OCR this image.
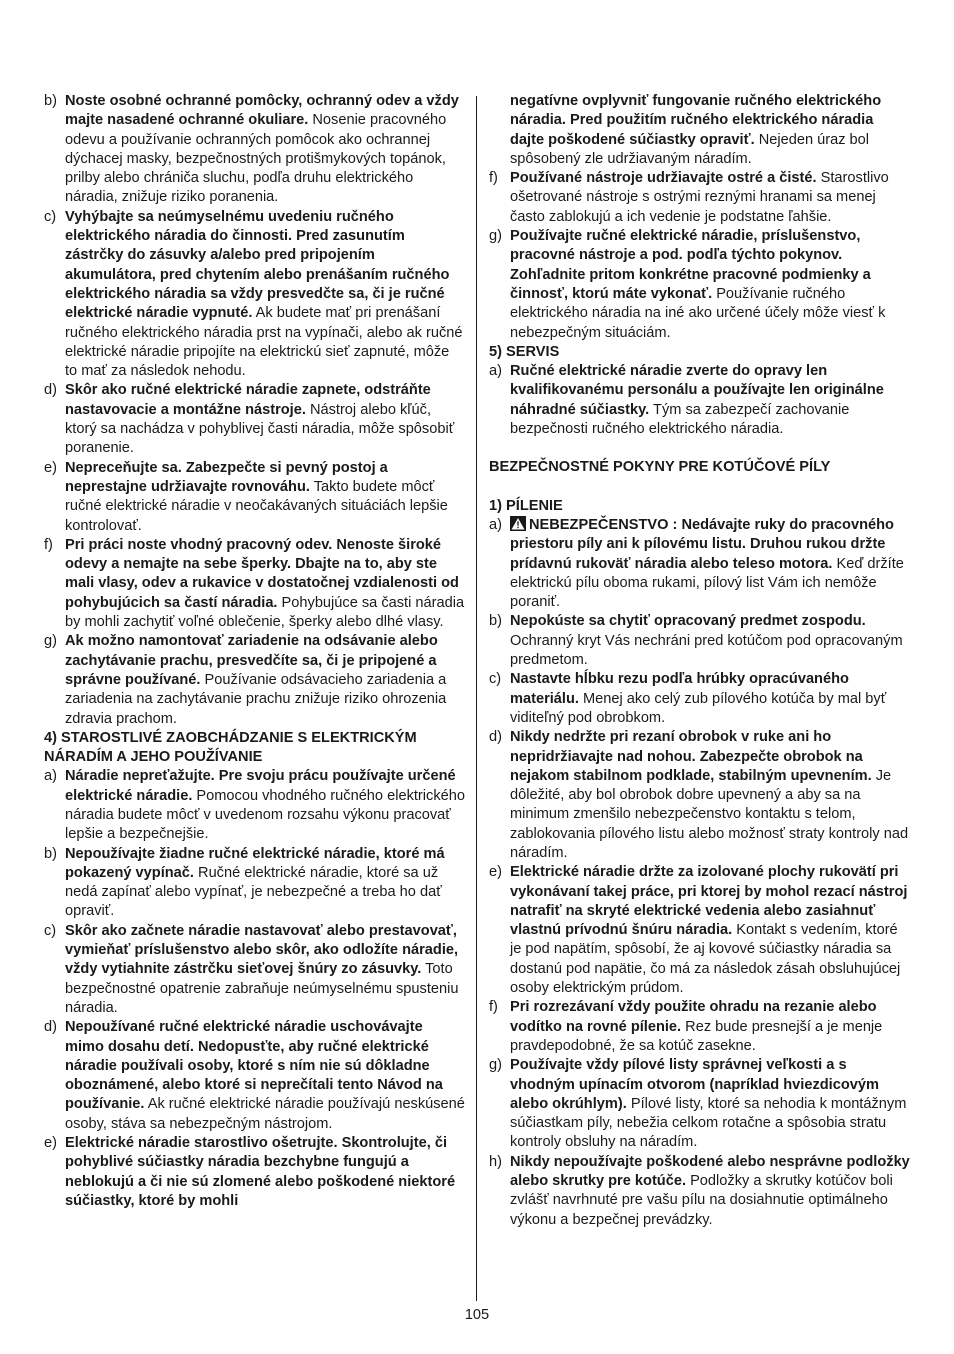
b) Noste osobné ochranné pomôcky, ochranný odev a vždy majte nasadené ochranné okuliare. Nosenie pracovného odevu a používanie ochranných pomôcok ako ochrannej dýchacej masky, bezpečnostných protišmykových topánok, prilby alebo chrániča sluchu, podľa druhu elektrického náradia, znižuje riziko poranenia.
c) Vyhýbajte sa neúmyselnému uvedeniu ručného elektrického náradia do činnosti. Pred zasunutím zástrčky do zásuvky a/alebo pred pripojením akumulátora, pred chytením alebo prenášaním ručného elektrického náradia sa vždy presvedčte sa, či je ručné elektrické náradie vypnuté. Ak budete mať pri prenášaní ručného elektrického náradia prst na vypínači, alebo ak ručné elektrické náradie pripojíte na elektrickú sieť zapnuté, môže to mať za následok nehodu.
d) Skôr ako ručné elektrické náradie zapnete, odstráňte nastavovacie a montážne nástroje. Nástroj alebo kľúč, ktorý sa nachádza v pohyblivej časti náradia, môže spôsobiť poranenie.
e) Nepreceňujte sa. Zabezpečte si pevný postoj a neprestajne udržiavajte rovnováhu. Takto budete môcť ručné elektrické náradie v neočakávaných situáciách lepšie kontrolovať.
f) Pri práci noste vhodný pracovný odev. Nenoste široké odevy a nemajte na sebe šperky. Dbajte na to, aby ste mali vlasy, odev a rukavice v dostatočnej vzdialenosti od pohybujúcich sa častí náradia. Pohybujúce sa časti náradia by mohli zachytiť voľné oblečenie, šperky alebo dlhé vlasy.
g) Ak možno namontovať zariadenie na odsávanie alebo zachytávanie prachu, presvedčíte sa, či je pripojené a správne používané. Používanie odsávacieho zariadenia a zariadenia na zachytávanie prachu znižuje riziko ohrozenia zdravia prachom.
4) STAROSTLIVÉ ZAOBCHÁDZANIE S ELEKTRICKÝM NÁRADÍM A JEHO POUŽÍVANIE
a) Náradie nepreťažujte. Pre svoju prácu používajte určené elektrické náradie. Pomocou vhodného ručného elektrického náradia budete môcť v uvedenom rozsahu výkonu pracovať lepšie a bezpečnejšie.
b) Nepoužívajte žiadne ručné elektrické náradie, ktoré má pokazený vypínač. Ručné elektrické náradie, ktoré sa už nedá zapínať alebo vypínať, je nebezpečné a treba ho dať opraviť.
c) Skôr ako začnete náradie nastavovať alebo prestavovať, vymieňať príslušenstvo alebo skôr, ako odložíte náradie, vždy vytiahnite zástrčku sieťovej šnúry zo zásuvky. Toto bezpečnostné opatrenie zabraňuje neúmyselnému spusteniu náradia.
d) Nepoužívané ručné elektrické náradie uschovávajte mimo dosahu detí. Nedopusťte, aby ručné elektrické náradie používali osoby, ktoré s ním nie sú dôkladne oboznámené, alebo ktoré si neprečítali tento Návod na používanie. Ak ručné elektrické náradie používajú neskúsené osoby, stáva sa nebezpečným nástrojom.
e) Elektrické náradie starostlivo ošetrujte. Skontrolujte, či pohyblivé súčiastky náradia bezchybne fungujú a neblokujú a či nie sú zlomené alebo poškodené niektoré súčiastky, ktoré by mohli
negatívne ovplyvniť fungovanie ručného elektrického náradia. Pred použitím ručného elektrického náradia dajte poškodené súčiastky opraviť. Nejeden úraz bol spôsobený zle udržiavaným náradím.
f) Používané nástroje udržiavajte ostré a čisté. Starostlivo ošetrované nástroje s ostrými reznými hranami sa menej často zablokujú a ich vedenie je podstatne ľahšie.
g) Používajte ručné elektrické náradie, príslušenstvo, pracovné nástroje a pod. podľa týchto pokynov. Zohľadnite pritom konkrétne pracovné podmienky a činnosť, ktorú máte vykonať. Používanie ručného elektrického náradia na iné ako určené účely môže viesť k nebezpečným situáciám.
5) SERVIS
a) Ručné elektrické náradie zverte do opravy len kvalifikovanému personálu a používajte len originálne náhradné súčiastky. Tým sa zabezpečí zachovanie bezpečnosti ručného elektrického náradia.
BEZPEČNOSTNÉ POKYNY PRE KOTÚČOVÉ PÍLY
1) PÍLENIE
a)	NEBEZPEČENSTVO : Nedávajte ruky do pracovného priestoru píly ani k pílovému listu. Druhou rukou držte prídavnú rukoväť náradia alebo teleso motora. Keď držíte elektrickú pílu oboma rukami, pílový list Vám ich nemôže poraniť.
b) Nepokúste sa chytiť opracovaný predmet zospodu. Ochranný kryt Vás nechráni pred kotúčom pod opracovaným predmetom.
c) Nastavte hĺbku rezu podľa hrúbky opracúvaného materiálu. Menej ako celý zub pílového kotúča by mal byť viditeľný pod obrobkom.
d) Nikdy nedržte pri rezaní obrobok v ruke ani ho nepridržiavajte nad nohou. Zabezpečte obrobok na nejakom stabilnom podklade, stabilným upevnením. Je dôležité, aby bol obrobok dobre upevnený a aby sa na minimum zmenšilo nebezpečenstvo kontaktu s telom, zablokovania pílového listu alebo možnosť straty kontroly nad náradím.
e) Elektrické náradie držte za izolované plochy rukovätí pri vykonávaní takej práce, pri ktorej by mohol rezací nástroj natrafiť na skryté elektrické vedenia alebo zasiahnuť vlastnú prívodnú šnúru náradia. Kontakt s vedením, ktoré je pod napätím, spôsobí, že aj kovové súčiastky náradia sa dostanú pod napätie, čo má za následok zásah obsluhujúcej osoby elektrickým prúdom.
f) Pri rozrezávaní vždy použite ohradu na rezanie alebo vodítko na rovné pílenie. Rez bude presnejší a je menje pravdepodobné, že sa kotúč zasekne.
g) Používajte vždy pílové listy správnej veľkosti a s vhodným upínacím otvorom (napríklad hviezdicovým alebo okrúhlym). Pílové listy, ktoré sa nehodia k montážnym súčiastkam píly, nebežia celkom rotačne a spôsobia stratu kontroly obsluhy na náradím.
h) Nikdy nepoužívajte poškodené alebo nesprávne podložky alebo skrutky pre kotúče. Podložky a skrutky kotúčov boli zvlášť navrhnuté pre vašu pílu na dosiahnutie optimálneho výkonu a bezpečnej prevádzky.
105
